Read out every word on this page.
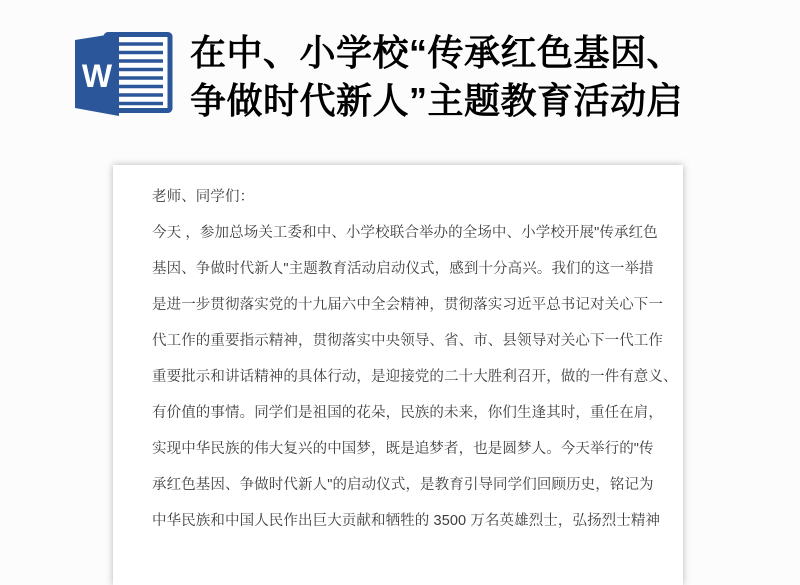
W
在中、小学校“传承红色基因、
争做时代新人”主题教育活动启

老师、同学们：

今天 ，参加总场关工委和中、小学校联合举办的全场中、小学校开展"传承红色

基因、争做时代新人"主题教育活动启动仪式，感到十分高兴。我们的这一举措

是进一步贯彻落实党的十九届六中全会精神，贯彻落实习近平总书记对关心下一

代工作的重要指示精神，贯彻落实中央领导、省、市、县领导对关心下一代工作

重要批示和讲话精神的具体行动，是迎接党的二十大胜利召开，做的一件有意义、

有价值的事情。同学们是祖国的花朵，民族的未来，你们生逢其时，重任在肩，

实现中华民族的伟大复兴的中国梦，既是追梦者，也是圆梦人。今天举行的"传

承红色基因、争做时代新人"的启动仪式，是教育引导同学们回顾历史，铭记为

中华民族和中国人民作出巨大贡献和牺牲的 3500 万名英雄烈士，弘扬烈士精神
